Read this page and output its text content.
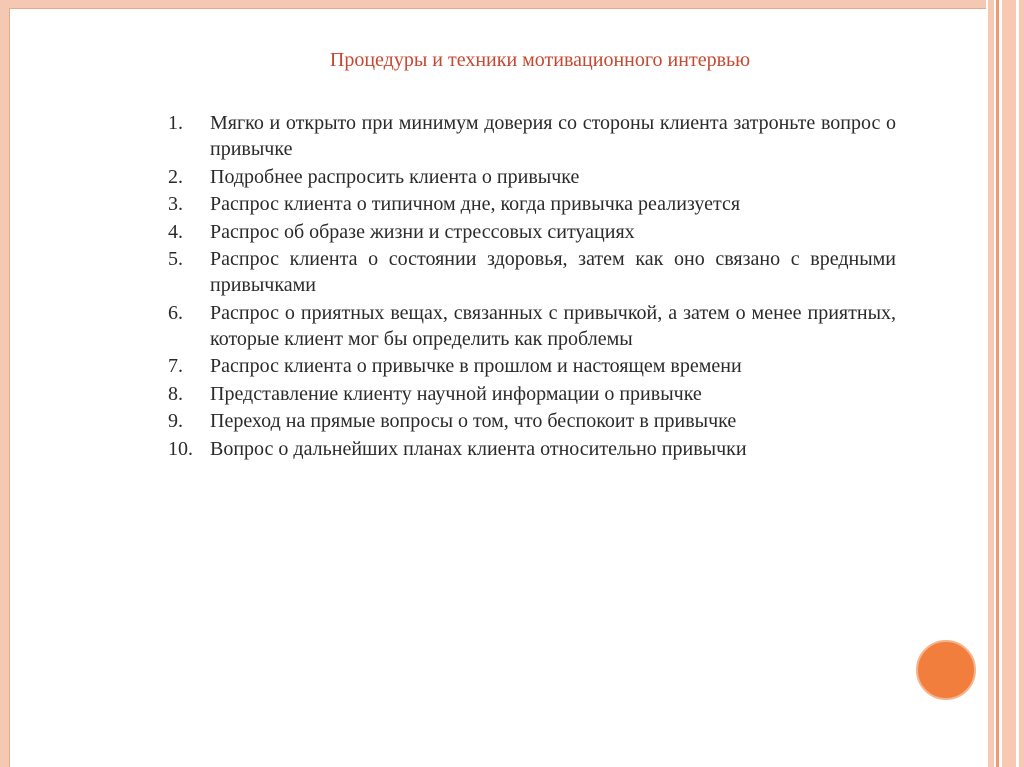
Процедуры и техники мотивационного интервью
1. Мягко и открыто при минимум доверия со стороны клиента затроньте вопрос о привычке
2. Подробнее распросить клиента о привычке
3. Распрос клиента о типичном дне, когда привычка реализуется
4. Распрос об образе жизни и стрессовых ситуациях
5. Распрос клиента о состоянии здоровья, затем как оно связано с вредными привычками
6. Распрос о приятных вещах, связанных с привычкой, а затем о менее приятных, которые клиент мог бы определить как проблемы
7. Распрос клиента о привычке в прошлом и настоящем времени
8. Представление клиенту научной информации о привычке
9. Переход на прямые вопросы о том, что беспокоит в привычке
10. Вопрос о дальнейших планах клиента относительно привычки
